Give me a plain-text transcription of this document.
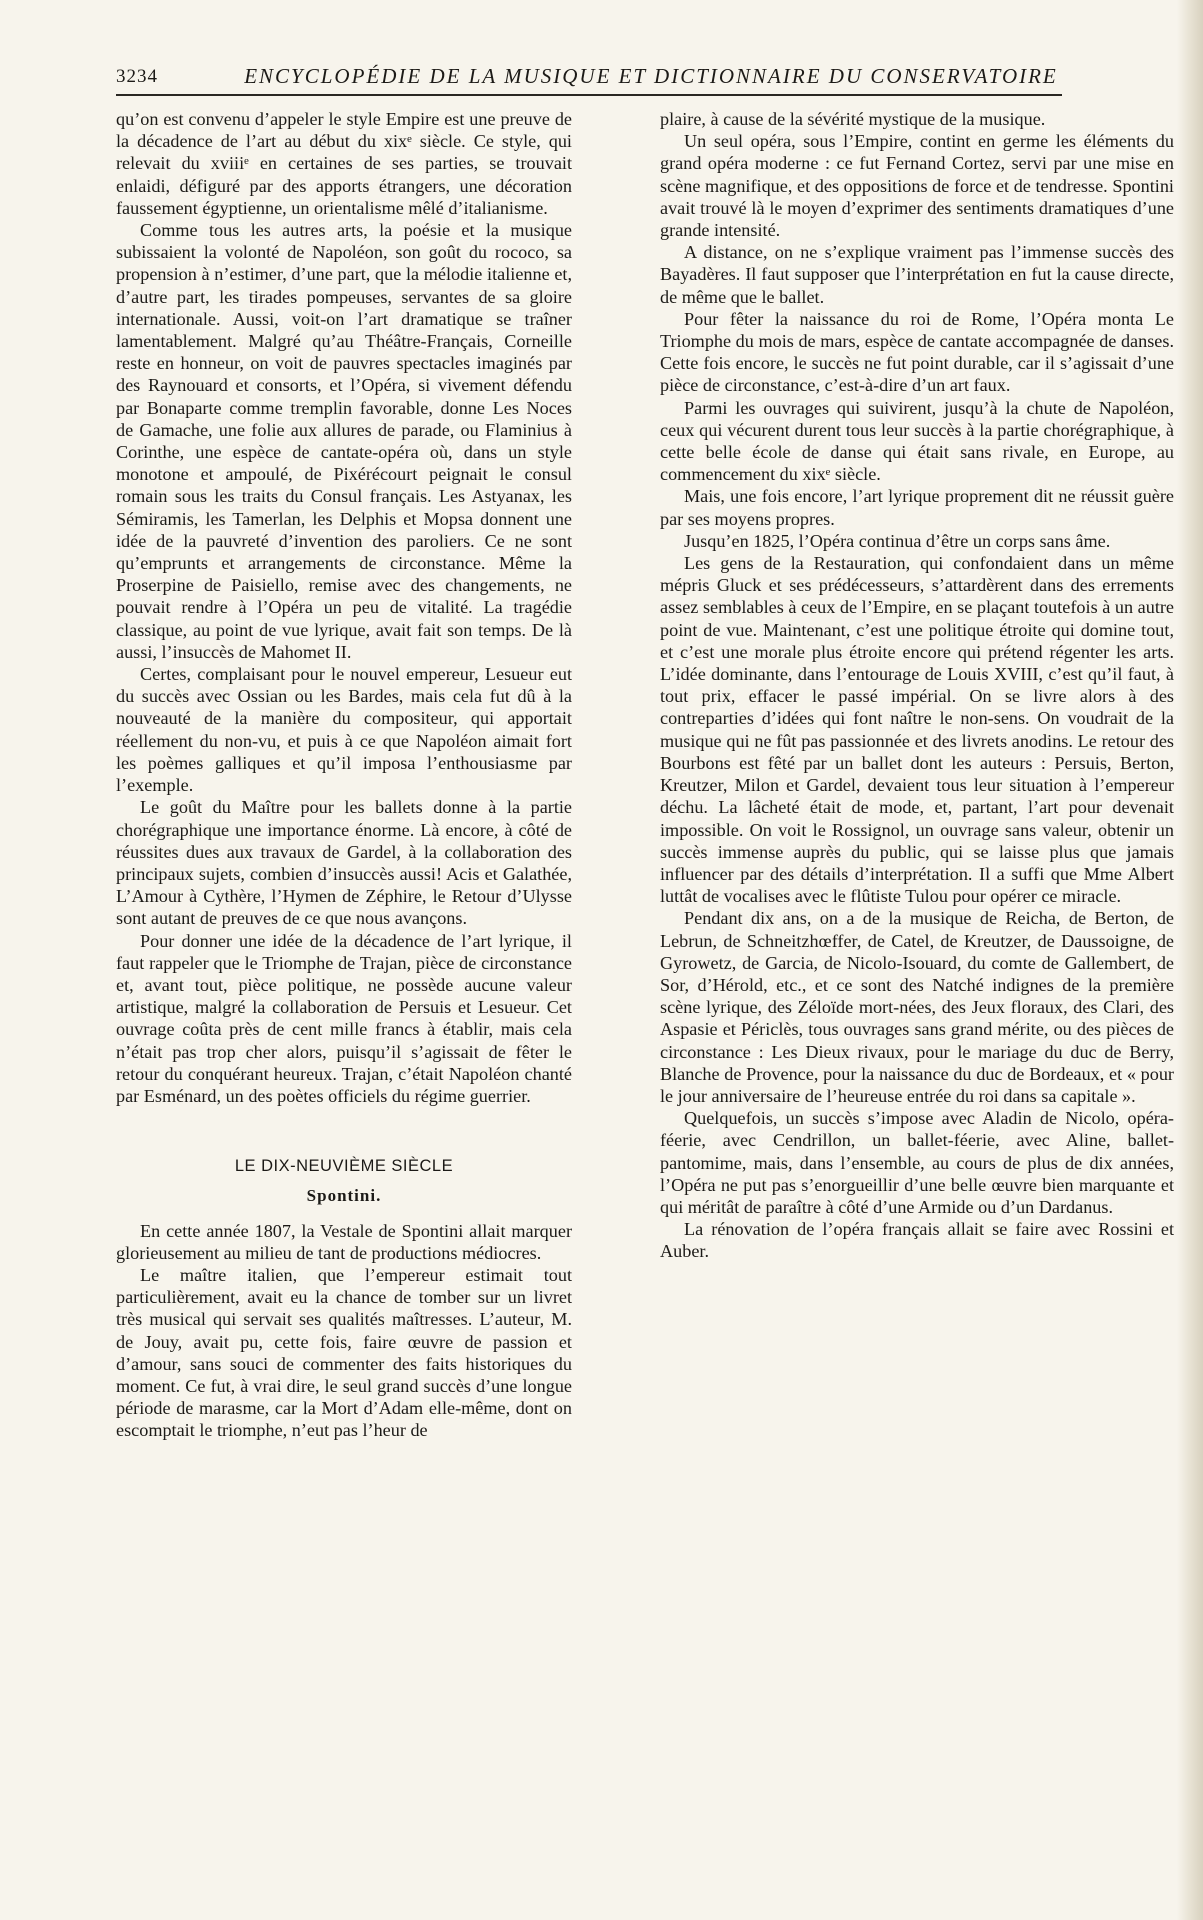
3234	ENCYCLOPÉDIE DE LA MUSIQUE ET DICTIONNAIRE DU CONSERVATOIRE

qu’on est convenu d’appeler le style Empire est une preuve de la décadence de l’art au début du xixᵉ siècle. Ce style, qui relevait du xviiiᵉ en certaines de ses parties, se trouvait enlaidi, défiguré par des apports étrangers, une décoration faussement égyptienne, un orientalisme mêlé d’italianisme.

Comme tous les autres arts, la poésie et la musique subissaient la volonté de Napoléon, son goût du rococo, sa propension à n’estimer, d’une part, que la mélodie italienne et, d’autre part, les tirades pompeuses, servantes de sa gloire internationale. Aussi, voit-on l’art dramatique se traîner lamentablement. Malgré qu’au Théâtre-Français, Corneille reste en honneur, on voit de pauvres spectacles imaginés par des Raynouard et consorts, et l’Opéra, si vivement défendu par Bonaparte comme tremplin favorable, donne Les Noces de Gamache, une folie aux allures de parade, ou Flaminius à Corinthe, une espèce de cantate-opéra où, dans un style monotone et ampoulé, de Pixérécourt peignait le consul romain sous les traits du Consul français. Les Astyanax, les Sémiramis, les Tamerlan, les Delphis et Mopsa donnent une idée de la pauvreté d’invention des paroliers. Ce ne sont qu’emprunts et arrangements de circonstance. Même la Proserpine de Paisiello, remise avec des changements, ne pouvait rendre à l’Opéra un peu de vitalité. La tragédie classique, au point de vue lyrique, avait fait son temps. De là aussi, l’insuccès de Mahomet II.

Certes, complaisant pour le nouvel empereur, Lesueur eut du succès avec Ossian ou les Bardes, mais cela fut dû à la nouveauté de la manière du compositeur, qui apportait réellement du non-vu, et puis à ce que Napoléon aimait fort les poèmes galliques et qu’il imposa l’enthousiasme par l’exemple.

Le goût du Maître pour les ballets donne à la partie chorégraphique une importance énorme. Là encore, à côté de réussites dues aux travaux de Gardel, à la collaboration des principaux sujets, combien d’insuccès aussi! Acis et Galathée, L’Amour à Cythère, l’Hymen de Zéphire, le Retour d’Ulysse sont autant de preuves de ce que nous avançons.

Pour donner une idée de la décadence de l’art lyrique, il faut rappeler que le Triomphe de Trajan, pièce de circonstance et, avant tout, pièce politique, ne possède aucune valeur artistique, malgré la collaboration de Persuis et Lesueur. Cet ouvrage coûta près de cent mille francs à établir, mais cela n’était pas trop cher alors, puisqu’il s’agissait de fêter le retour du conquérant heureux. Trajan, c’était Napoléon chanté par Esménard, un des poètes officiels du régime guerrier.

LE DIX-NEUVIÈME SIÈCLE
Spontini.

En cette année 1807, la Vestale de Spontini allait marquer glorieusement au milieu de tant de productions médiocres.

Le maître italien, que l’empereur estimait tout particulièrement, avait eu la chance de tomber sur un livret très musical qui servait ses qualités maîtresses. L’auteur, M. de Jouy, avait pu, cette fois, faire œuvre de passion et d’amour, sans souci de commenter des faits historiques du moment. Ce fut, à vrai dire, le seul grand succès d’une longue période de marasme, car la Mort d’Adam elle-même, dont on escomptait le triomphe, n’eut pas l’heur de

plaire, à cause de la sévérité mystique de la musique.

Un seul opéra, sous l’Empire, contint en germe les éléments du grand opéra moderne : ce fut Fernand Cortez, servi par une mise en scène magnifique, et des oppositions de force et de tendresse. Spontini avait trouvé là le moyen d’exprimer des sentiments dramatiques d’une grande intensité.

A distance, on ne s’explique vraiment pas l’immense succès des Bayadères. Il faut supposer que l’interprétation en fut la cause directe, de même que le ballet.

Pour fêter la naissance du roi de Rome, l’Opéra monta Le Triomphe du mois de mars, espèce de cantate accompagnée de danses. Cette fois encore, le succès ne fut point durable, car il s’agissait d’une pièce de circonstance, c’est-à-dire d’un art faux.

Parmi les ouvrages qui suivirent, jusqu’à la chute de Napoléon, ceux qui vécurent durent tous leur succès à la partie chorégraphique, à cette belle école de danse qui était sans rivale, en Europe, au commencement du xixᵉ siècle.

Mais, une fois encore, l’art lyrique proprement dit ne réussit guère par ses moyens propres.

Jusqu’en 1825, l’Opéra continua d’être un corps sans âme.

Les gens de la Restauration, qui confondaient dans un même mépris Gluck et ses prédécesseurs, s’attardèrent dans des errements assez semblables à ceux de l’Empire, en se plaçant toutefois à un autre point de vue. Maintenant, c’est une politique étroite qui domine tout, et c’est une morale plus étroite encore qui prétend régenter les arts. L’idée dominante, dans l’entourage de Louis XVIII, c’est qu’il faut, à tout prix, effacer le passé impérial. On se livre alors à des contreparties d’idées qui font naître le non-sens. On voudrait de la musique qui ne fût pas passionnée et des livrets anodins. Le retour des Bourbons est fêté par un ballet dont les auteurs : Persuis, Berton, Kreutzer, Milon et Gardel, devaient tous leur situation à l’empereur déchu. La lâcheté était de mode, et, partant, l’art pour devenait impossible. On voit le Rossignol, un ouvrage sans valeur, obtenir un succès immense auprès du public, qui se laisse plus que jamais influencer par des détails d’interprétation. Il a suffi que Mme Albert luttât de vocalises avec le flûtiste Tulou pour opérer ce miracle.

Pendant dix ans, on a de la musique de Reicha, de Berton, de Lebrun, de Schneitzhœffer, de Catel, de Kreutzer, de Daussoigne, de Gyrowetz, de Garcia, de Nicolo-Isouard, du comte de Gallembert, de Sor, d’Hérold, etc., et ce sont des Natché indignes de la première scène lyrique, des Zéloïde mort-nées, des Jeux floraux, des Clari, des Aspasie et Périclès, tous ouvrages sans grand mérite, ou des pièces de circonstance : Les Dieux rivaux, pour le mariage du duc de Berry, Blanche de Provence, pour la naissance du duc de Bordeaux, et « pour le jour anniversaire de l’heureuse entrée du roi dans sa capitale ».

Quelquefois, un succès s’impose avec Aladin de Nicolo, opéra-féerie, avec Cendrillon, un ballet-féerie, avec Aline, ballet-pantomime, mais, dans l’ensemble, au cours de plus de dix années, l’Opéra ne put pas s’enorgueillir d’une belle œuvre bien marquante et qui méritât de paraître à côté d’une Armide ou d’un Dardanus.

La rénovation de l’opéra français allait se faire avec Rossini et Auber.
